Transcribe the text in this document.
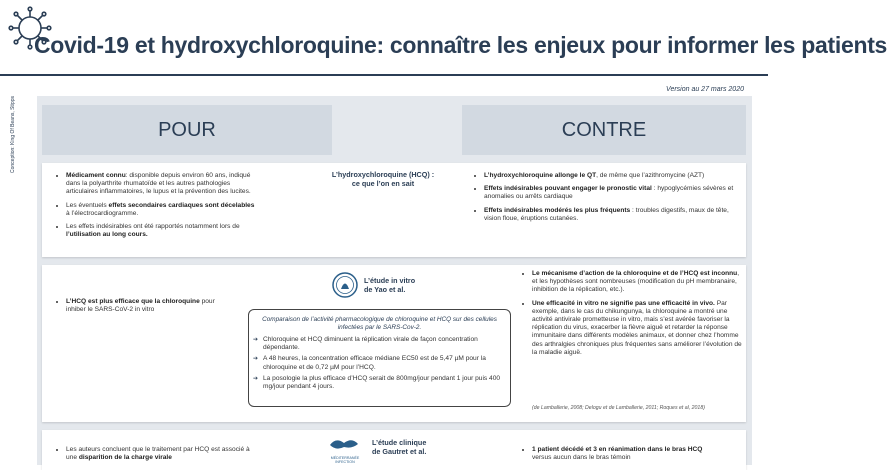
Covid-19 et hydroxychloroquine: connaître les enjeux pour informer les patients
Version au 27 mars 2020
Conception: King Of Beans, Stipps	POUR	CONTRE
• Médicament connu: disponible depuis environ 60 ans, indiqué dans la polyarthrite rhumatoïde et les autres pathologies articulaires inflammatoires, le lupus et la prévention des lucites.
• Les éventuels effets secondaires cardiaques sont décelables à l’électrocardiogramme.
• Les effets indésirables ont été rapportés notamment lors de l’utilisation au long cours.
L’hydroxychloroquine (HCQ) :
ce que l’on en sait
• L’hydroxychloroquine allonge le QT, de même que l’azithromycine (AZT)
• Effets indésirables pouvant engager le pronostic vital : hypoglycémies sévères et anomalies ou arrêts cardiaque
• Effets indésirables modérés les plus fréquents : troubles digestifs, maux de tête, vision floue, éruptions cutanées.
L’étude in vitro
de Yao et al.
• L’HCQ est plus efficace que la chloroquine pour inhiber le SARS-CoV-2 in vitro
Comparaison de l’activité pharmacologique de chloroquine et HCQ sur des cellules infectées par le SARS-Cov-2.
➔ Chloroquine et HCQ diminuent la réplication virale de façon concentration dépendante.
➔ A 48 heures, la concentration efficace médiane EC50 est de 5,47 µM pour la chloroquine et de 0,72 µM pour l’HCQ.
➔ La posologie la plus efficace d’HCQ serait de 800mg/jour pendant 1 jour puis 400 mg/jour pendant 4 jours.
• Le mécanisme d’action de la chloroquine et de l’HCQ est inconnu, et les hypothèses sont nombreuses (modification du pH membranaire, inhibition de la réplication, etc.).
• Une efficacité in vitro ne signifie pas une efficacité in vivo. Par exemple, dans le cas du chikungunya, la chloroquine a montré une activité antivirale prometteuse in vitro, mais s’est avérée favoriser la réplication du virus, exacerber la fièvre aiguë et retarder la réponse immunitaire dans différents modèles animaux, et donner chez l’homme des arthralgies chroniques plus fréquentes sans améliorer l’évolution de la maladie aiguë.
(de Lamballerie, 2008; Delogu et de Lamballerie, 2011; Roques et al, 2018)
• Les auteurs concluent que le traitement par HCQ est associé à une disparition de la charge virale	MÉDITERRANÉE INFECTION
L’étude clinique
de Gautret et al.
•	1 patient décédé et 3 en réanimation dans le bras HCQ
versus aucun dans le bras témoin
